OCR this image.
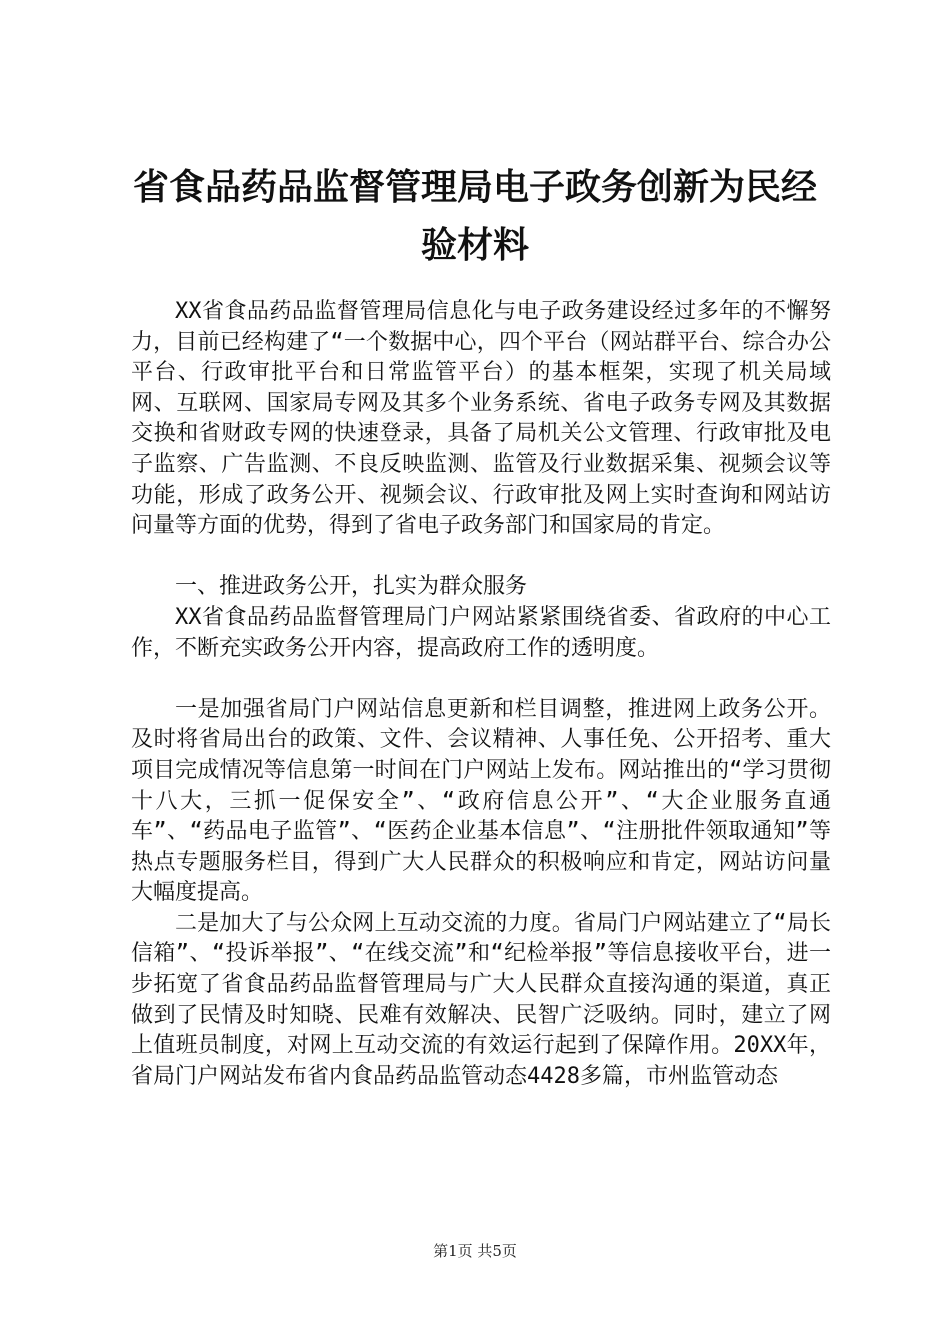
省食品药品监督管理局电子政务创新为民经验材料

XX省食品药品监督管理局信息化与电子政务建设经过多年的不懈努力，目前已经构建了“一个数据中心，四个平台（网站群平台、综合办公平台、行政审批平台和日常监管平台）的基本框架，实现了机关局域网、互联网、国家局专网及其多个业务系统、省电子政务专网及其数据交换和省财政专网的快速登录，具备了局机关公文管理、行政审批及电子监察、广告监测、不良反映监测、监管及行业数据采集、视频会议等功能，形成了政务公开、视频会议、行政审批及网上实时查询和网站访问量等方面的优势，得到了省电子政务部门和国家局的肯定。

一、推进政务公开，扎实为群众服务

XX省食品药品监督管理局门户网站紧紧围绕省委、省政府的中心工作，不断充实政务公开内容，提高政府工作的透明度。

一是加强省局门户网站信息更新和栏目调整，推进网上政务公开。及时将省局出台的政策、文件、会议精神、人事任免、公开招考、重大项目完成情况等信息第一时间在门户网站上发布。网站推出的“学习贯彻十八大，三抓一促保安全”、“政府信息公开”、“大企业服务直通车”、“药品电子监管”、“医药企业基本信息”、“注册批件领取通知”等热点专题服务栏目，得到广大人民群众的积极响应和肯定，网站访问量大幅度提高。

二是加大了与公众网上互动交流的力度。省局门户网站建立了“局长信箱”、“投诉举报”、“在线交流”和“纪检举报”等信息接收平台，进一步拓宽了省食品药品监督管理局与广大人民群众直接沟通的渠道，真正做到了民情及时知晓、民难有效解决、民智广泛吸纳。同时，建立了网上值班员制度，对网上互动交流的有效运行起到了保障作用。20XX年，省局门户网站发布省内食品药品监管动态4428多篇，市州监管动态

第1页 共5页
